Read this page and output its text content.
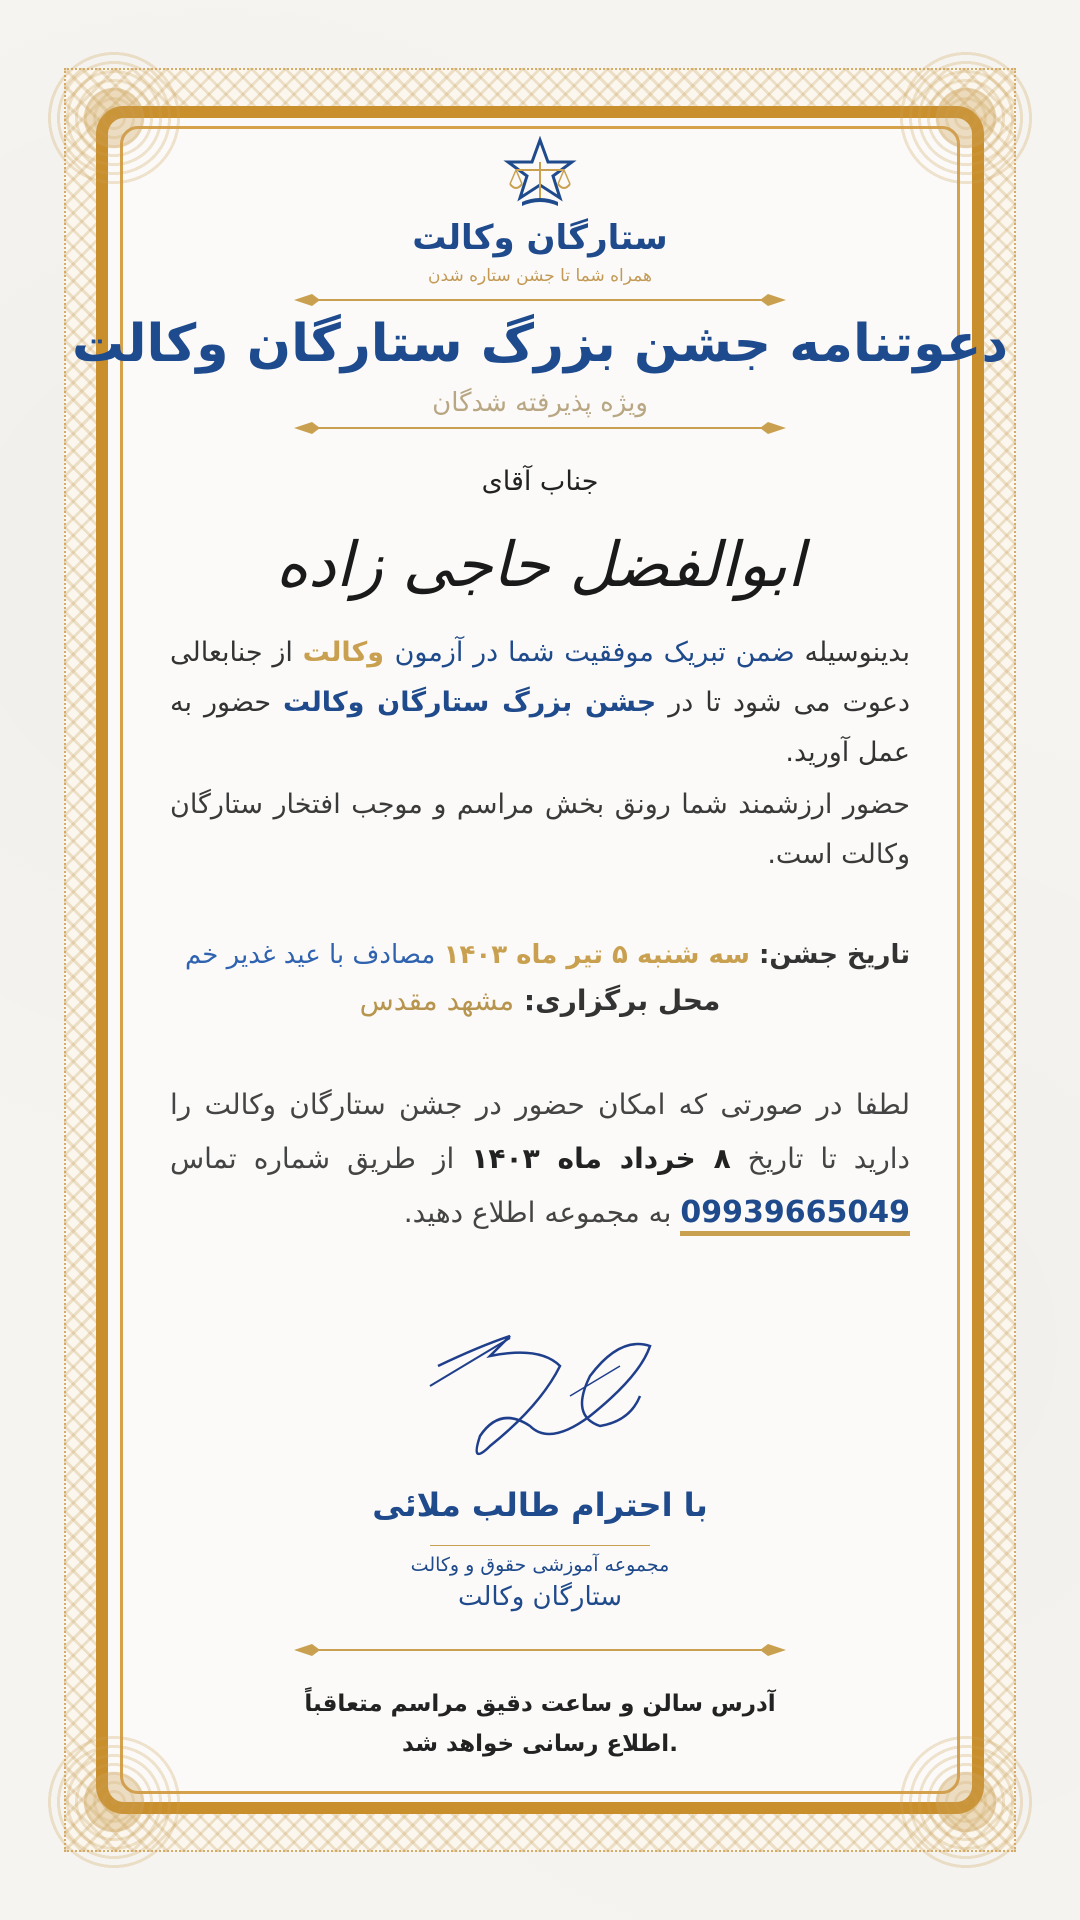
ستارگان وکالت
همراه شما تا جشن ستاره شدن
دعوتنامه جشن بزرگ ستارگان وکالت
ویژه پذیرفته شدگان
جناب آقای
ابوالفضل حاجی زاده
بدینوسیله ضمن تبریک موفقیت شما در آزمون وکالت از جنابعالی دعوت می شود تا در جشن بزرگ ستارگان وکالت حضور به عمل آورید.
حضور ارزشمند شما رونق بخش مراسم و موجب افتخار ستارگان وکالت است.
تاریخ جشن: سه شنبه ۵ تیر ماه ۱۴۰۳ مصادف با عید غدیر خم
محل برگزاری: مشهد مقدس
لطفا در صورتی که امکان حضور در جشن ستارگان وکالت را دارید تا تاریخ ۸ خرداد ماه ۱۴۰۳ از طریق شماره تماس 09939665049 به مجموعه اطلاع دهید.
با احترام طالب ملائی
مجموعه آموزشی حقوق و وکالت
ستارگان وکالت
آدرس سالن و ساعت دقیق مراسم متعاقباً
اطلاع رسانی خواهد شد.
